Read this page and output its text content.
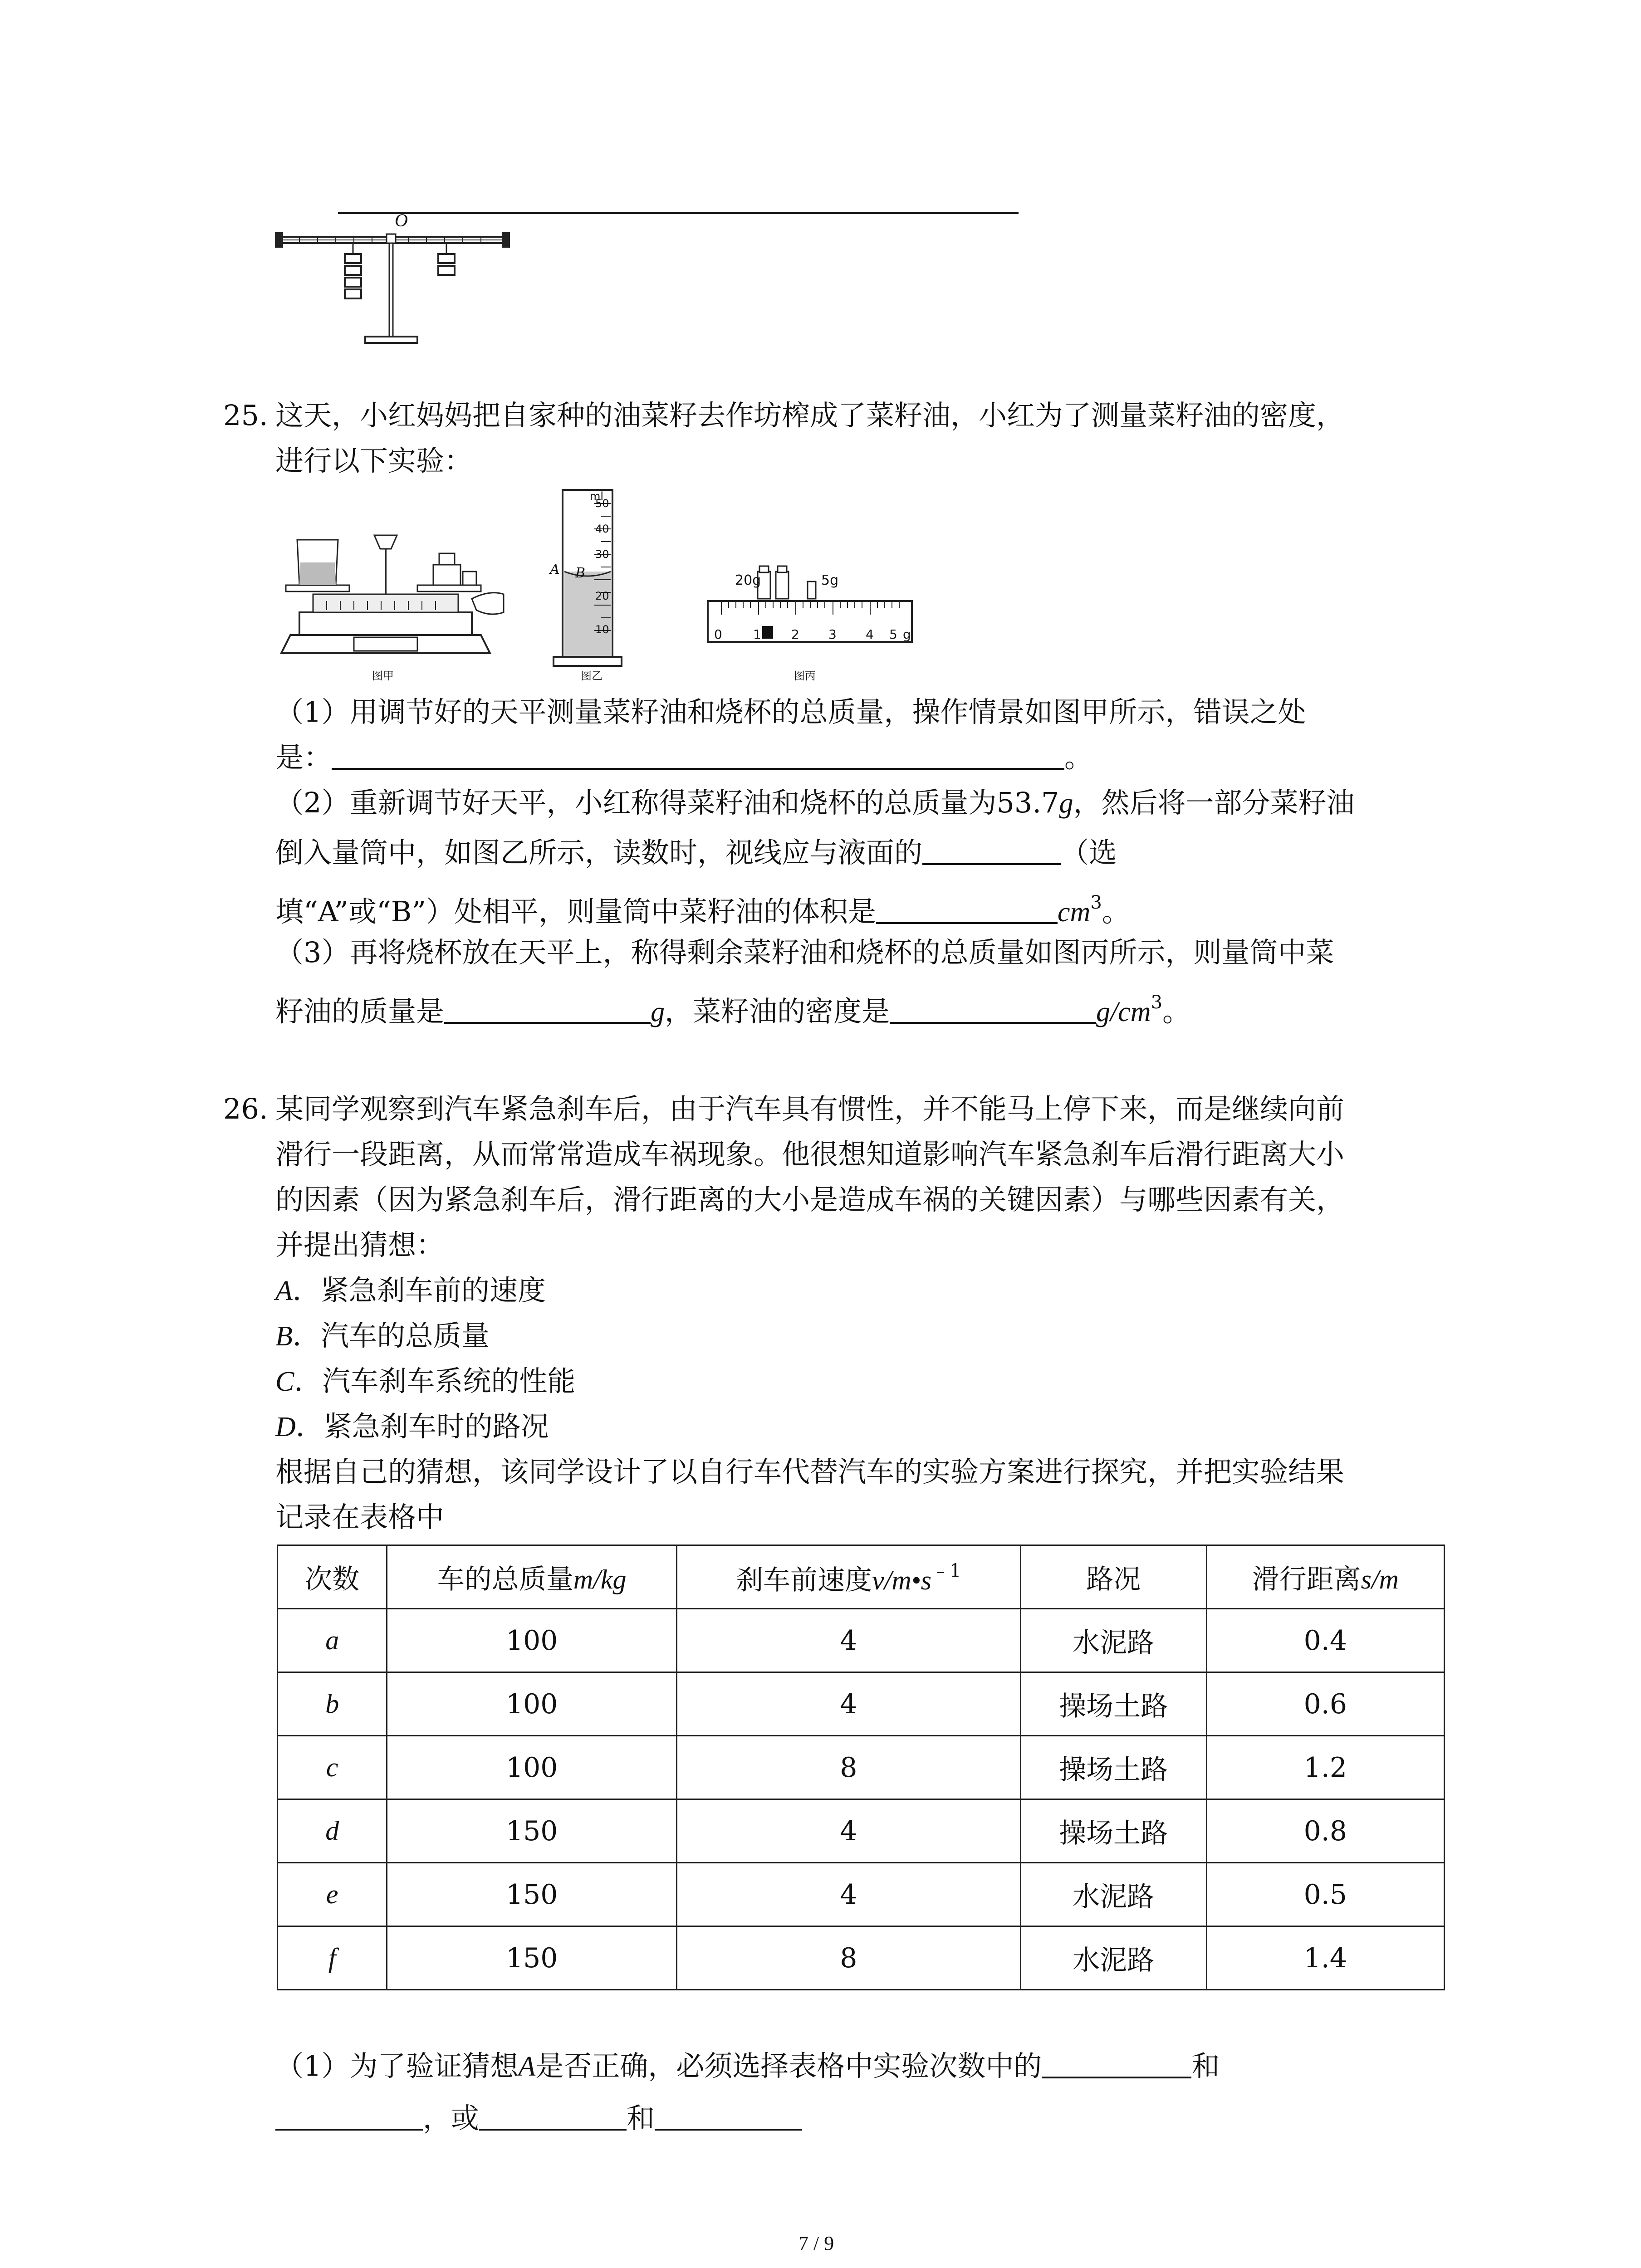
O
25. 这天，小红妈妈把自家种的油菜籽去作坊榨成了菜籽油，小红为了测量菜籽油的密度，
进行以下实验：
图甲
ml
50
40
30
20
10
A B
图乙
20g	5g
0 1 2 3 4 5 g
图丙
（1）用调节好的天平测量菜籽油和烧杯的总质量，操作情景如图甲所示，错误之处
是：	。
（2）重新调节好天平，小红称得菜籽油和烧杯的总质量为53.7g，然后将一部分菜籽油
倒入量筒中，如图乙所示，读数时，视线应与液面的	（选
填“A”或“B”）处相平，则量筒中菜籽油的体积是	$cm^3$。
（3）再将烧杯放在天平上，称得剩余菜籽油和烧杯的总质量如图丙所示，则量筒中菜
籽油的质量是	g，菜籽油的密度是	$g/cm^3$。
26. 某同学观察到汽车紧急刹车后，由于汽车具有惯性，并不能马上停下来，而是继续向前
滑行一段距离，从而常常造成车祸现象。他很想知道影响汽车紧急刹车后滑行距离大小
的因素（因为紧急刹车后，滑行距离的大小是造成车祸的关键因素）与哪些因素有关，
并提出猜想：
A．紧急刹车前的速度
B．汽车的总质量
C．汽车刹车系统的性能
D．紧急刹车时的路况
根据自己的猜想，该同学设计了以自行车代替汽车的实验方案进行探究，并把实验结果
记录在表格中
次数	车的总质量m/kg	刹车前速度$v/m•s^{﹣1}$	路况	滑行距离s/m
a	100	4	水泥路	0.4
b	100	4	操场土路	0.6
c	100	8	操场土路	1.2
d	150	4	操场土路	0.8
e	150	4	水泥路	0.5
f	150	8	水泥路	1.4
（1）为了验证猜想A是否正确，必须选择表格中实验次数中的	和
，或	和
7 / 9
